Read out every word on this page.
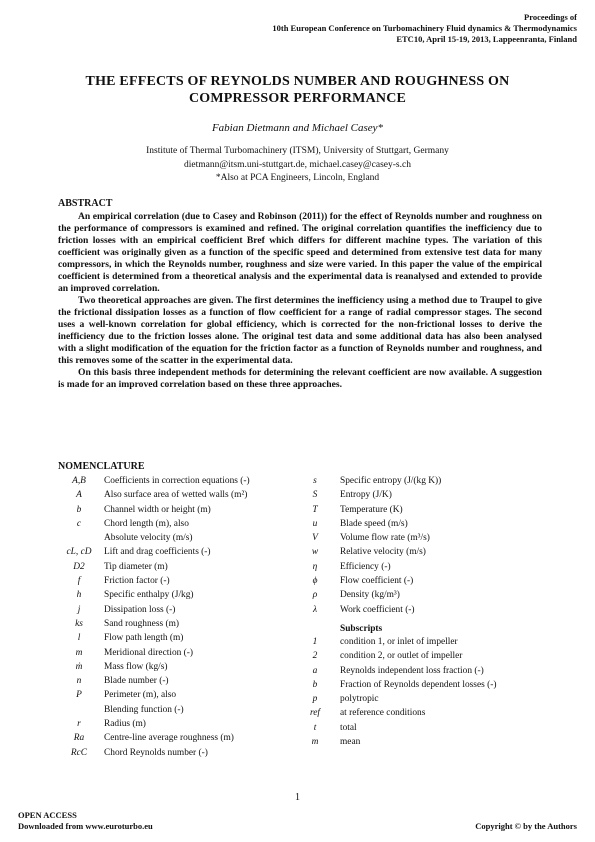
Proceedings of
10th European Conference on Turbomachinery Fluid dynamics & Thermodynamics
ETC10, April 15-19, 2013, Lappeenranta, Finland
THE EFFECTS OF REYNOLDS NUMBER AND ROUGHNESS ON
COMPRESSOR PERFORMANCE
Fabian Dietmann and Michael Casey*
Institute of Thermal Turbomachinery (ITSM), University of Stuttgart, Germany
dietmann@itsm.uni-stuttgart.de, michael.casey@casey-s.ch
*Also at PCA Engineers, Lincoln, England
ABSTRACT

An empirical correlation (due to Casey and Robinson (2011)) for the effect of Reynolds number and roughness on the performance of compressors is examined and refined. The original correlation quantifies the inefficiency due to friction losses with an empirical coefficient Bref which differs for different machine types. The variation of this coefficient was originally given as a function of the specific speed and determined from extensive test data for many compressors, in which the Reynolds number, roughness and size were varied. In this paper the value of the empirical coefficient is determined from a theoretical analysis and the experimental data is reanalysed and extended to provide an improved correlation.

Two theoretical approaches are given. The first determines the inefficiency using a method due to Traupel to give the frictional dissipation losses as a function of flow coefficient for a range of radial compressor stages. The second uses a well-known correlation for global efficiency, which is corrected for the non-frictional losses to derive the inefficiency due to the friction losses alone. The original test data and some additional data has also been analysed with a slight modification of the equation for the friction factor as a function of Reynolds number and roughness, and this removes some of the scatter in the experimental data.

On this basis three independent methods for determining the relevant coefficient are now available. A suggestion is made for an improved correlation based on these three approaches.

NOMENCLATURE
A,B	Coefficients in correction equations (-)
A	Also surface area of wetted walls (m²)
b	Channel width or height (m)
c	Chord length (m), also
Absolute velocity (m/s)
cL, cD	Lift and drag coefficients (-)
D2	Tip diameter (m)
f	Friction factor (-)
h	Specific enthalpy (J/kg)
j	Dissipation loss (-)
ks	Sand roughness (m)
l	Flow path length (m)
m	Meridional direction (-)
ṁ	Mass flow (kg/s)
n	Blade number (-)
P	Perimeter (m), also
Blending function (-)
r	Radius (m)
Ra	Centre-line average roughness (m)
RcC	Chord Reynolds number (-)
s	Specific entropy (J/(kg K))
S	Entropy (J/K)
T	Temperature (K)
u	Blade speed (m/s)
V	Volume flow rate (m³/s)
w	Relative velocity (m/s)
η	Efficiency (-)
ϕ	Flow coefficient (-)
ρ	Density (kg/m³)
λ	Work coefficient (-)
Subscripts
1	condition 1, or inlet of impeller
2	condition 2, or outlet of impeller
a	Reynolds independent loss fraction (-)
b	Fraction of Reynolds dependent losses (-)
p	polytropic
ref	at reference conditions
t	total
m	mean
1
OPEN ACCESS
Downloaded from www.euroturbo.eu	Copyright © by the Authors
